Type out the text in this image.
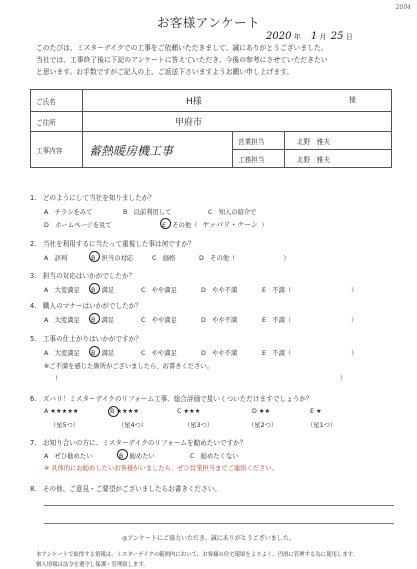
お客様アンケート
2094
2020 年 1 月 25 日

このたびは、ミスターデイクでの工事をご依頼いただきまして、誠にありがとうございました。

当社では、工事終了後に下記のアンケートに答えていただき、今後の参考にさせていただきたい

と思います。お手数ですがご記入の上、ご返送下さいますようお願い申し上げます。

ご氏名	H様 様		

ご住所	甲府市		

工事内容	蓄熱暖房機工事	営業担当	北野　雅夫
		工務担当	北野　雅夫
1.　どのようにして当社を知りましたか？
A　チラシをみて	B　以前利用して	C　知人の紹介で
D　ホームページを見て	E　その他（ ヤッパリ・ケーン ）
2.　当社を利用するに当たって重視した事は何ですか？
A　評判	B　担当の対応	C　価格	D　その他（	）
3.　担当の対応はいかがでしたか？
A　大変満足 B　満足	C　やや満足	D　やや不満	E　不満（	）
4.　職人のマナーはいかがでしたか？
A　大変満足 B　満足	C　やや満足	D　やや不満	E　不満（	）
5.　工事の仕上がりはいかがですか？
A　大変満足 B　満足	C　やや満足	D　やや不満	E　不満（	）
※ご不満を感じた箇所がございましたら、お書きください。
（	）
6.　ズバリ！ミスターデイクのリフォーム工事、総合評価で星いくついただけますでしょうか？
A ★★★★★	B ★★★★	C ★★★	D ★★	E ★
（星5つ）	（星4つ）	（星3つ）	（星2つ）	（星1つ）
7.　お知り合いの方に、ミスターデイクのリフォームを勧めたいですか？
A　ぜひ勧めたい	B　勧めたい	C　勧めたくない
※ 具体的にお勧めしたいお客様がいましたら、ぜひ営業担当までご連絡ください。
8.　その他、ご意見・ご要望がございましたらお書きください。
◎アンケートにご協力いただき、誠にありがとうございました。
本アンケートで取得する情報は、ミスターデイクの範囲内において、お客様の住宅環境をよりよく、円滑に管理する為に使用します。
個人情報は法令を遵守し保護・管理致します。
